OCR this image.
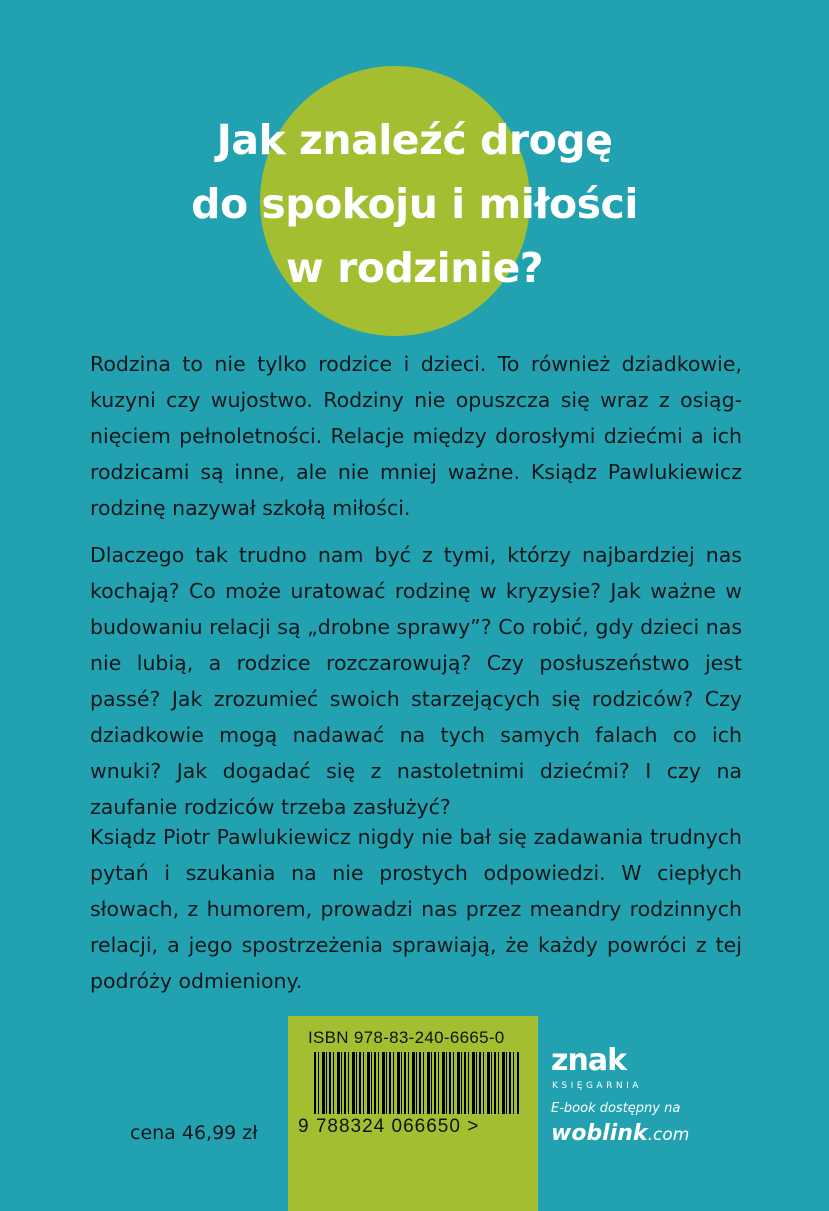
Jak znaleźć drogę
do spokoju i miłości
w rodzinie?

Rodzina to nie tylko rodzice i dzieci. To również dziadkowie, kuzyni czy wujostwo. Rodziny nie opuszcza się wraz z osiągnięciem pełnoletności. Relacje między dorosłymi dziećmi a ich rodzicami są inne, ale nie mniej ważne. Ksiądz Pawlukiewicz rodzinę nazywał szkołą miłości.

Dlaczego tak trudno nam być z tymi, którzy najbardziej nas kochają? Co może uratować rodzinę w kryzysie? Jak ważne w budowaniu relacji są „drobne sprawy”? Co robić, gdy dzieci nas nie lubią, a rodzice rozczarowują? Czy posłuszeństwo jest passé? Jak zrozumieć swoich starzejących się rodziców? Czy dziadkowie mogą nadawać na tych samych falach co ich wnuki? Jak dogadać się z nastoletnimi dziećmi? I czy na zaufanie rodziców trzeba zasłużyć?

Ksiądz Piotr Pawlukiewicz nigdy nie bał się zadawania trudnych pytań i szukania na nie prostych odpowiedzi. W ciepłych słowach, z humorem, prowadzi nas przez meandry rodzinnych relacji, a jego spostrzeżenia sprawiają, że każdy powróci z tej podróży odmieniony.

cena 46,99 zł
ISBN 978-83-240-6665-0
9 788324 066650 >
znak
KSIĘGARNIA
E-book dostępny na
woblink.com
